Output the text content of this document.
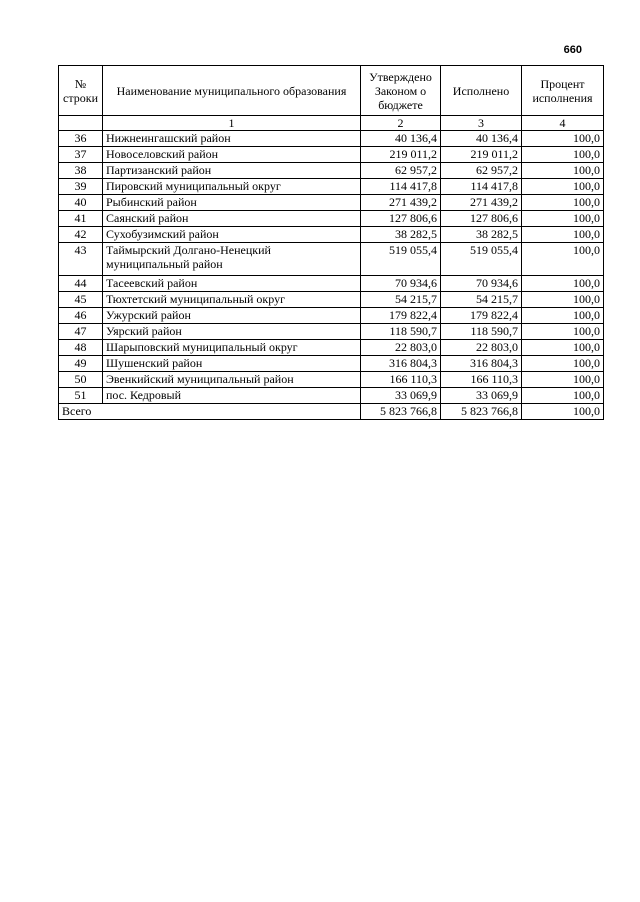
660
№ строки	Наименование муниципального образования	Утверждено Законом о бюджете	Исполнено	Процент исполнения
	1	2	3	4
36	Нижнеингашский район	40 136,4	40 136,4	100,0
37	Новоселовский район	219 011,2	219 011,2	100,0
38	Партизанский район	62 957,2	62 957,2	100,0
39	Пировский муниципальный округ	114 417,8	114 417,8	100,0
40	Рыбинский район	271 439,2	271 439,2	100,0
41	Саянский район	127 806,6	127 806,6	100,0
42	Сухобузимский район	38 282,5	38 282,5	100,0
43	Таймырский Долгано-Ненецкий муниципальный район	519 055,4	519 055,4	100,0
44	Тасеевский район	70 934,6	70 934,6	100,0
45	Тюхтетский муниципальный округ	54 215,7	54 215,7	100,0
46	Ужурский район	179 822,4	179 822,4	100,0
47	Уярский район	118 590,7	118 590,7	100,0
48	Шарыповский муниципальный округ	22 803,0	22 803,0	100,0
49	Шушенский район	316 804,3	316 804,3	100,0
50	Эвенкийский муниципальный район	166 110,3	166 110,3	100,0
51	пос. Кедровый	33 069,9	33 069,9	100,0
Всего		5 823 766,8	5 823 766,8	100,0
